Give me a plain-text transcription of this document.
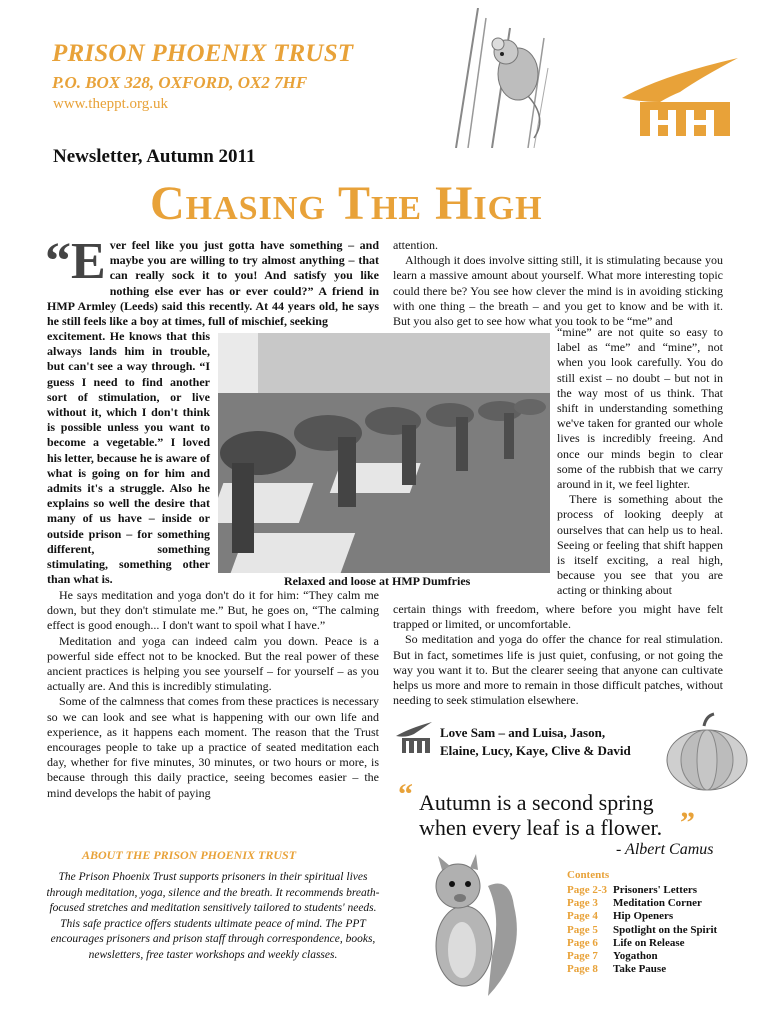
PRISON PHOENIX TRUST
P.O. BOX 328, OXFORD, OX2 7HF
www.theppt.org.uk
Newsletter, Autumn 2011
Chasing The High
“E ver feel like you just gotta have something – and maybe you are willing to try almost anything – that can really sock it to you! And satisfy you like nothing else ever has or ever could?” A friend in HMP Armley (Leeds) said this recently. At 44 years old, he says he still feels like a boy at times, full of mischief, seeking
excitement. He knows that this always lands him in trouble, but can't see a way through. “I guess I need to find another sort of stimulation, or live without it, which I don't think is possible unless you want to become a vegetable.” I loved his letter, because he is aware of what is going on for him and admits it's a struggle. Also he explains so well the desire that many of us have – inside or outside prison – for something different, something stimulating, something other than what is.	Relaxed and loose at HMP Dumfries

He says meditation and yoga don't do it for him: “They calm me down, but they don't stimulate me.” But, he goes on, “The calming effect is good enough... I don't want to spoil what I have.”

Meditation and yoga can indeed calm you down. Peace is a powerful side effect not to be knocked. But the real power of these ancient practices is helping you see yourself – for yourself – as you actually are. And this is incredibly stimulating.

Some of the calmness that comes from these practices is necessary so we can look and see what is happening with our own life and experience, as it happens each moment. The reason that the Trust encourages people to take up a practice of seated meditation each day, whether for five minutes, 30 minutes, or two hours or more, is because through this daily practice, seeing becomes easier – the mind develops the habit of paying

attention.

Although it does involve sitting still, it is stimulating because you learn a massive amount about yourself. What more interesting topic could there be? You see how clever the mind is in avoiding sticking with one thing – the breath – and you get to know and be with it. But you also get to see how what you took to be “me” and

“mine” are not quite so easy to label as “me” and “mine”, not when you look carefully. You do still exist – no doubt – but not in the way most of us think. That shift in understanding something we've taken for granted our whole lives is incredibly freeing. And once our minds begin to clear some of the rubbish that we carry around in it, we feel lighter.

There is something about the process of looking deeply at ourselves that can help us to heal. Seeing or feeling that shift happen is itself exciting, a real high, because you see that you are acting or thinking about

certain things with freedom, where before you might have felt trapped or limited, or uncomfortable.

So meditation and yoga do offer the chance for real stimulation. But in fact, sometimes life is just quiet, confusing, or not going the way you want it to. But the clearer seeing that anyone can cultivate helps us more and more to remain in those difficult patches, without needing to seek stimulation elsewhere.

Love Sam – and Luisa, Jason,
Elaine, Lucy, Kaye, Clive & David
“ Autumn is a second spring when every leaf is a flower. ”
- Albert Camus
ABOUT THE PRISON PHOENIX TRUST
The Prison Phoenix Trust supports prisoners in their spiritual lives through meditation, yoga, silence and the breath. It recommends breath-focused stretches and meditation sensitively tailored to students' needs. This safe practice offers students ultimate peace of mind. The PPT encourages prisoners and prison staff through correspondence, books, newsletters, free taster workshops and weekly classes.
Contents
Page 2-3 Prisoners' Letters
Page 3	Meditation Corner
Page 4	Hip Openers
Page 5	Spotlight on the Spirit
Page 6	Life on Release
Page 7	Yogathon
Page 8	Take Pause
